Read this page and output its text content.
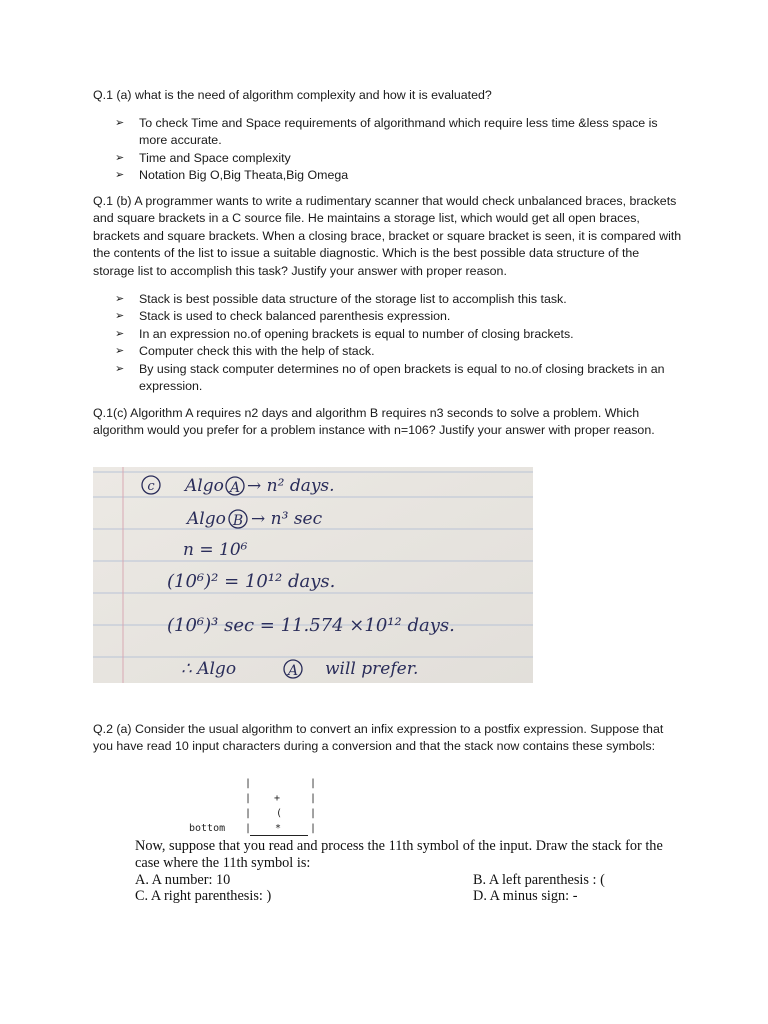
Q.1 (a) what is the need of algorithm complexity and how it is evaluated?

➢ To check Time and Space requirements of algorithmand which require less time &less space is more accurate.
➢ Time and Space complexity
➢ Notation Big O,Big Theata,Big Omega

Q.1 (b) A programmer wants to write a rudimentary scanner that would check unbalanced braces, brackets and square brackets in a C source file. He maintains a storage list, which would get all open braces, brackets and square brackets. When a closing brace, bracket or square bracket is seen, it is compared with the contents of the list to issue a suitable diagnostic. Which is the best possible data structure of the storage list to accomplish this task? Justify your answer with proper reason.

➢ Stack is best possible data structure of the storage list to accomplish this task.
➢ Stack is used to check balanced parenthesis expression.
➢ In an expression no.of opening brackets is equal to number of closing brackets.
➢ Computer check this with the help of stack.
➢ By using stack computer determines no of open brackets is equal to no.of closing brackets in an expression.

Q.1(c) Algorithm A requires n2 days and algorithm B requires n3 seconds to solve a problem. Which algorithm would you prefer for a problem instance with n=106? Justify your answer with proper reason.

c Algo A → n² days.
Algo B → n³ sec
n = 10⁶
(10⁶)² = 10¹² days.
(10⁶)³ sec = 11.574 ×10¹² days.
∴ Algo	A will prefer.

Q.2 (a) Consider the usual algorithm to convert an infix expression to a postfix expression. Suppose that you have read 10 input characters during a conversion and that the stack now contains these symbols:

|	|
| +	|
| (	|
bottom | *	|
Now, suppose that you read and process the 11th symbol of the input. Draw the stack for the case where the 11th symbol is:
A. A number: 10	B. A left parenthesis : (
C. A right parenthesis: )	D. A minus sign: -
